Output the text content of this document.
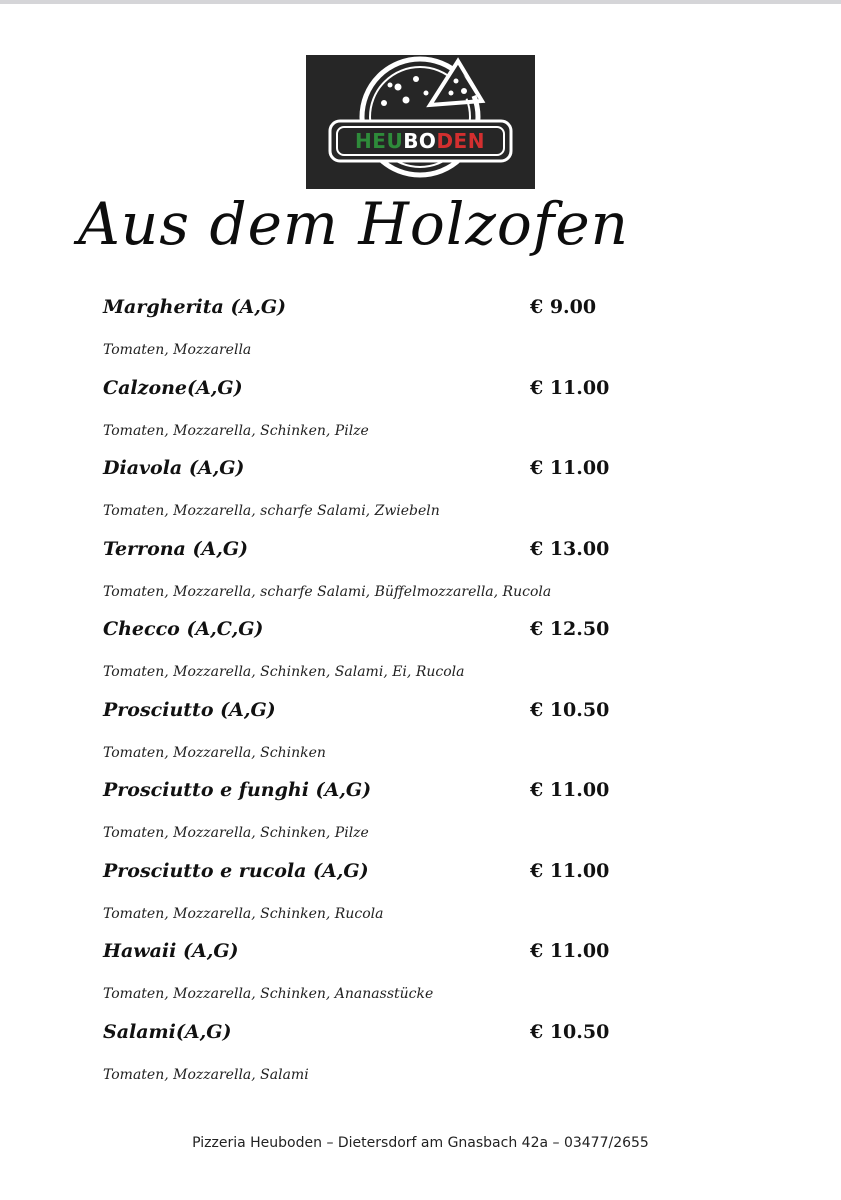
HEUBODEN
Aus dem Holzofen
Margherita (A,G)	€ 9.00
Tomaten, Mozzarella
Calzone(A,G)	€ 11.00
Tomaten, Mozzarella, Schinken, Pilze
Diavola (A,G)	€ 11.00
Tomaten, Mozzarella, scharfe Salami, Zwiebeln
Terrona (A,G)	€ 13.00
Tomaten, Mozzarella, scharfe Salami, Büffelmozzarella, Rucola
Checco (A,C,G)	€ 12.50
Tomaten, Mozzarella, Schinken, Salami, Ei, Rucola
Prosciutto (A,G)	€ 10.50
Tomaten, Mozzarella, Schinken
Prosciutto e funghi (A,G)	€ 11.00
Tomaten, Mozzarella, Schinken, Pilze
Prosciutto e rucola (A,G)	€ 11.00
Tomaten, Mozzarella, Schinken, Rucola
Hawaii (A,G)	€ 11.00
Tomaten, Mozzarella, Schinken, Ananasstücke
Salami(A,G)	€ 10.50
Tomaten, Mozzarella, Salami
Pizzeria Heuboden – Dietersdorf am Gnasbach 42a – 03477/2655
